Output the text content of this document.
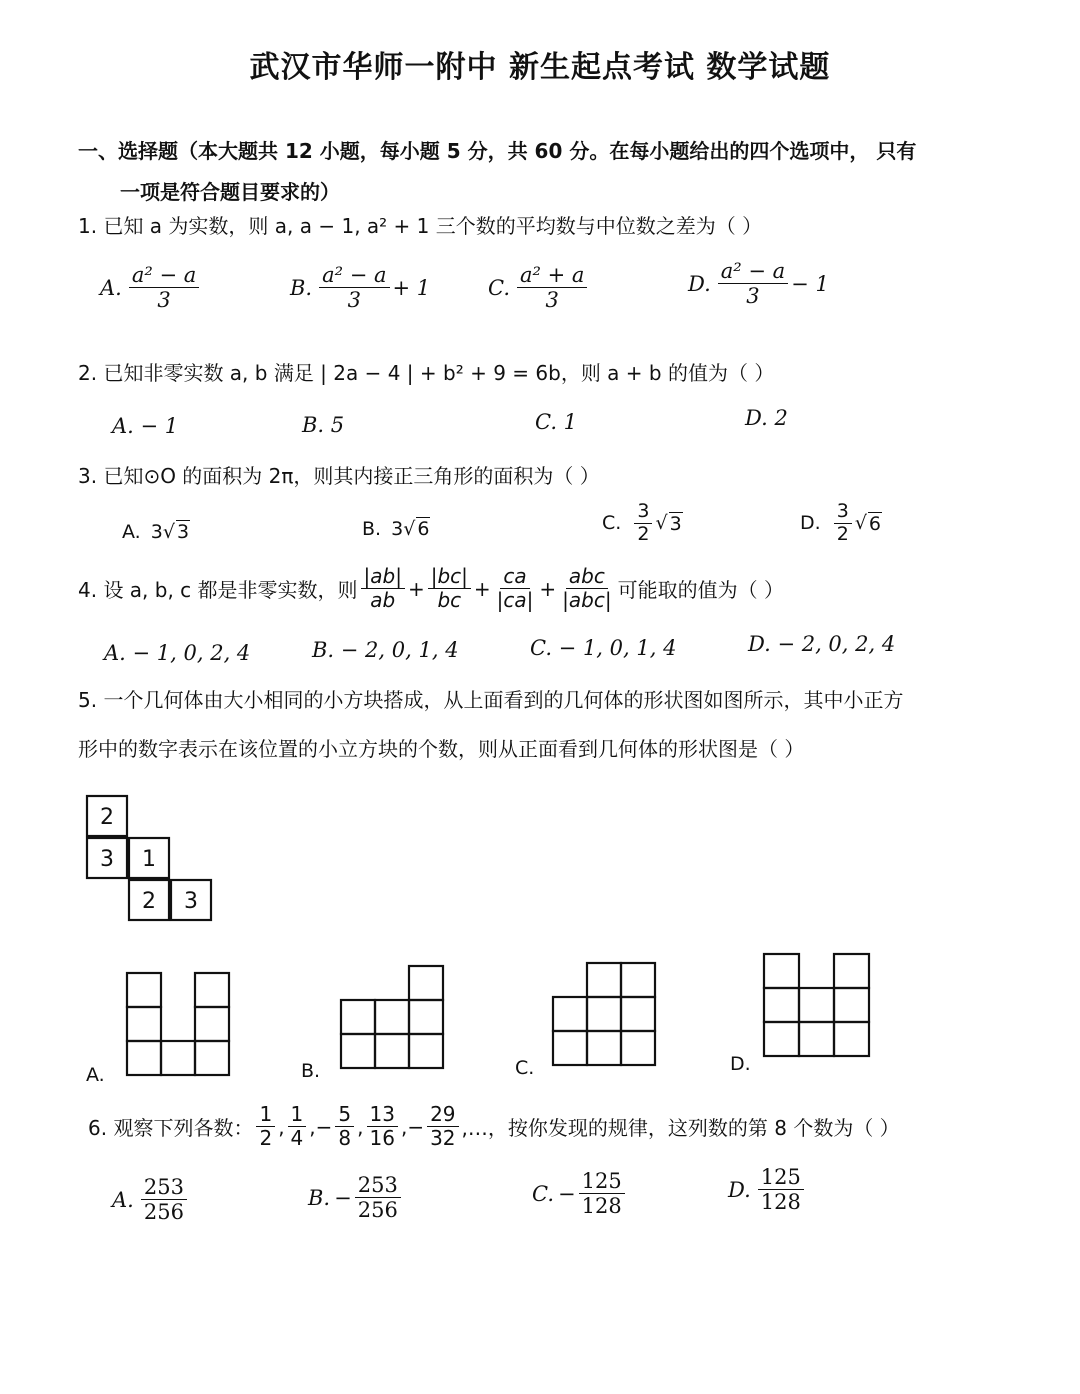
武汉市华师一附中 新生起点考试 数学试题
一、选择题（本大题共 12 小题，每小题 5 分，共 60 分。在每小题给出的四个选项中， 只有
一项是符合题目要求的）
1. 已知 a 为实数，则 a, a − 1, a² + 1 三个数的平均数与中位数之差为（ ）
A. $\frac{\text{a² − a}}{3}$	B. $\frac{\text{a² − a}}{3} + 1$	C. $\frac{\text{a² + a}}{3}$	D. $\frac{\text{a² − a}}{3} - 1$
2. 已知非零实数 a, b 满足 | 2a − 4 | + b² + 9 = 6b，则 a + b 的值为（ ）
A. − 1	B. 5	C. 1	D. 2
3. 已知⊙O 的面积为 2π，则其内接正三角形的面积为（ ）
A.
3 √ 3	B.
3 √ 6	C.
$\frac{3}{2}$ √ 3	D.
$\frac{3}{2}$ √ 6
4. 设 a, b, c 都是非零实数，则 $\frac{|ab|}{ab} + \frac{|bc|}{bc} + \frac{ca}{|ca|} + \frac{\text{abc}}{\text{|abc|}}$ 可能取的值为（ ）
A. − 1, 0, 2, 4	B. − 2, 0, 1, 4	C. − 1, 0, 1, 4	D. − 2, 0, 2, 4
5. 一个几何体由大小相同的小方块搭成，从上面看到的几何体的形状图如图所示，其中小正方
形中的数字表示在该位置的小立方块的个数，则从正面看到几何体的形状图是（ ）
2
3 1
2 3
A.	B.	C.	D.
6. 观察下列各数： $\frac{1}{2}$ , $\frac{1}{4}$ , − $\frac{5}{8}$ , $\frac{13}{16}$ , − $\frac{29}{32}$ ,…，按你发现的规律，这列数的第 8 个数为（ ）
A. $\frac{253}{256}$	B. − $\frac{253}{256}$	C. − $\frac{125}{128}$	D. $\frac{125}{128}$
